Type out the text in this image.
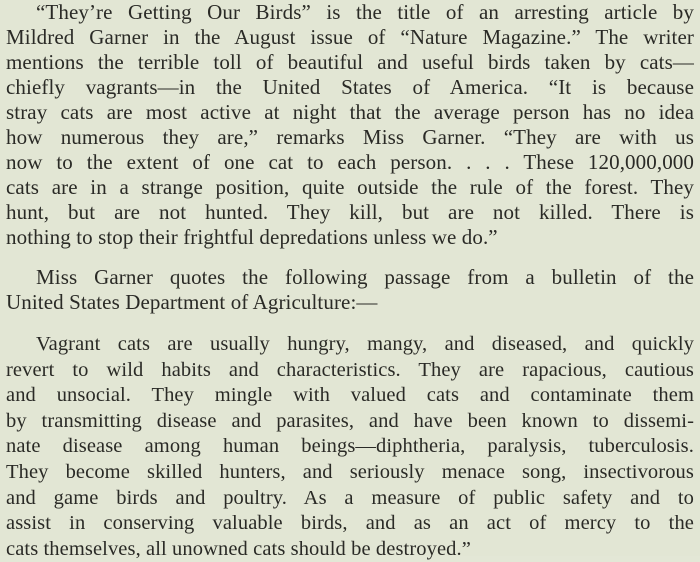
“They’re Getting Our Birds” is the title of an arresting article by
Mildred Garner in the August issue of “Nature Magazine.” The writer
mentions the terrible toll of beautiful and useful birds taken by cats—
chiefly vagrants—in the United States of America. “It is because
stray cats are most active at night that the average person has no idea
how numerous they are,” remarks Miss Garner. “They are with us
now to the extent of one cat to each person. . . . These 120,000,000
cats are in a strange position, quite outside the rule of the forest. They
hunt, but are not hunted. They kill, but are not killed. There is
nothing to stop their frightful depredations unless we do.”
Miss Garner quotes the following passage from a bulletin of the
United States Department of Agriculture:—
Vagrant cats are usually hungry, mangy, and diseased, and quickly
revert to wild habits and characteristics. They are rapacious, cautious
and unsocial. They mingle with valued cats and contaminate them
by transmitting disease and parasites, and have been known to dissemi-
nate disease among human beings—diphtheria, paralysis, tuberculosis.
They become skilled hunters, and seriously menace song, insectivorous
and game birds and poultry. As a measure of public safety and to
assist in conserving valuable birds, and as an act of mercy to the
cats themselves, all unowned cats should be destroyed.”
